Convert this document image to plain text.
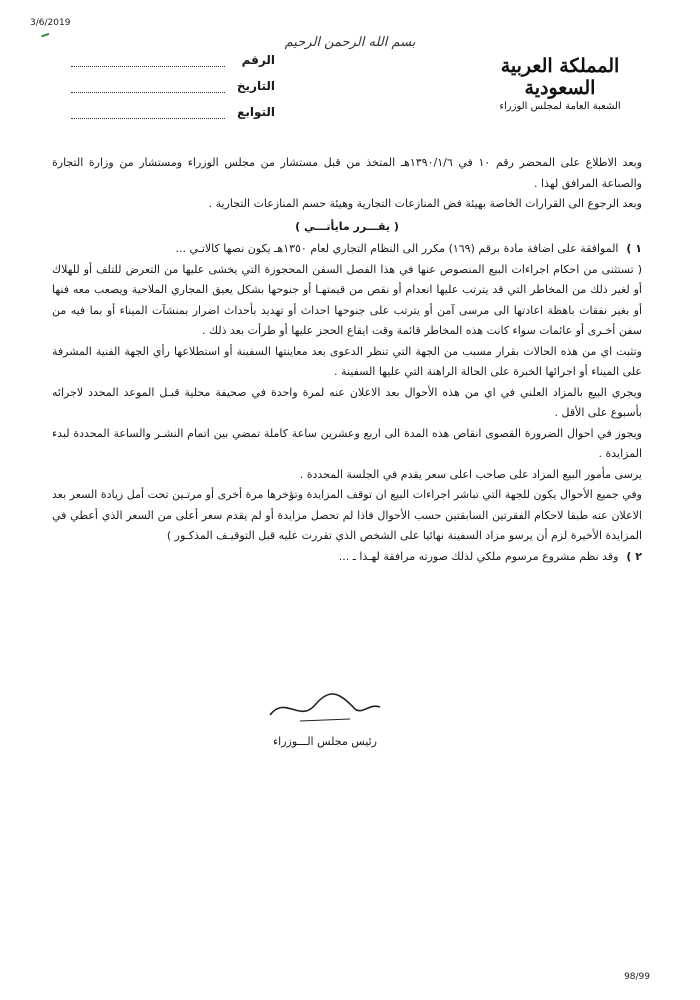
3/6/2019
بسم الله الرحمن الرحيم
المملكة العربية السعودية
الشعبة العامة لمجلس الوزراء
الرقم
التاريخ
التوابع

وبعد الاطلاع على المحضر رقم ١٠ في ١٣٩٠/١/٦هـ المتخذ من قبل مستشار من مجلس الوزراء ومستشار من وزارة التجارة والصناعة المرافق لهذا .

وبعد الرجوع الى القرارات الخاصة بهيئة فض المنازعات التجارية وهيئة حسم المنازعات التجارية .

( يقـــرر مايأتـــي )

١ ) الموافقة على اضافة مادة برقم (١٦٩) مكرر الى النظام التجاري لعام ١٣٥٠هـ يكون نصها كالاتـي ...

( تستثنى من احكام اجراءات البيع المنصوص عنها في هذا الفصل السفن المحجوزة التي يخشى عليها من التعرض للتلف أو للهلاك أو لغير ذلك من المخاطر التي قد يترتب عليها انعدام أو نقص من قيمتهـا أو جنوحها بشكل يعيق المجاري الملاحية ويصعب معه فنها أو بغير نفقات باهظة اعادتها الى مرسى آمن أو يترتب على جنوحها احداث أو تهديد بأحداث اضرار بمنشآت الميناء أو بما فيه من سفن أخـرى أو عائمات سواء كانت هذه المخاطر قائمة وقت ايقاع الحجز عليها أو طرأت بعد ذلك .

وتثبت اي من هذه الحالات بقرار مسبب من الجهة التي تنظر الدعوى بعد معاينتها السفينة أو استطلاعها رأي الجهة الفنية المشرفة على الميناء أو اجرائها الخبرة على الحالة الراهنة التي عليها السفينة .

ويجري البيع بالمزاد العلني في اي من هذه الأحوال بعد الاعلان عنه لمرة واحدة في صحيفة محلية قبـل الموعد المحدد لاجرائه بأسبوع على الأقل .

ويجوز في احوال الضرورة القصوى انقاص هذه المدة الى اربع وعشرين ساعة كاملة تمضي بين اتمام النشـر والساعة المحددة لبدء المزايدة .

يرسى مأمور البيع المزاد على صاحب اعلى سعر يقدم في الجلسة المحددة .

وفي جميع الأحوال يكون للجهة التي تباشر اجراءات البيع ان توقف المزايدة وتؤخرها مرة أخرى أو مرتـين تحت أمل زيادة السعر بعد الاعلان عنه طبقا لاحكام الفقرتين السابقتين حسب الأحوال فاذا لم تحصل مزايدة أو لم يقدم سعر أعلى من السعر الذي أعطي في المزايدة الأخيرة لزم أن يرسو مزاد السفينة نهائيا على الشخص الذي تقررت عليه قبل التوقيـف المذكـور )

٢ ) وقد نظم مشروع مرسوم ملكي لذلك صورته مرافقة لهـذا ـ ...

رئيس مجلس الـــوزراء
98/99
